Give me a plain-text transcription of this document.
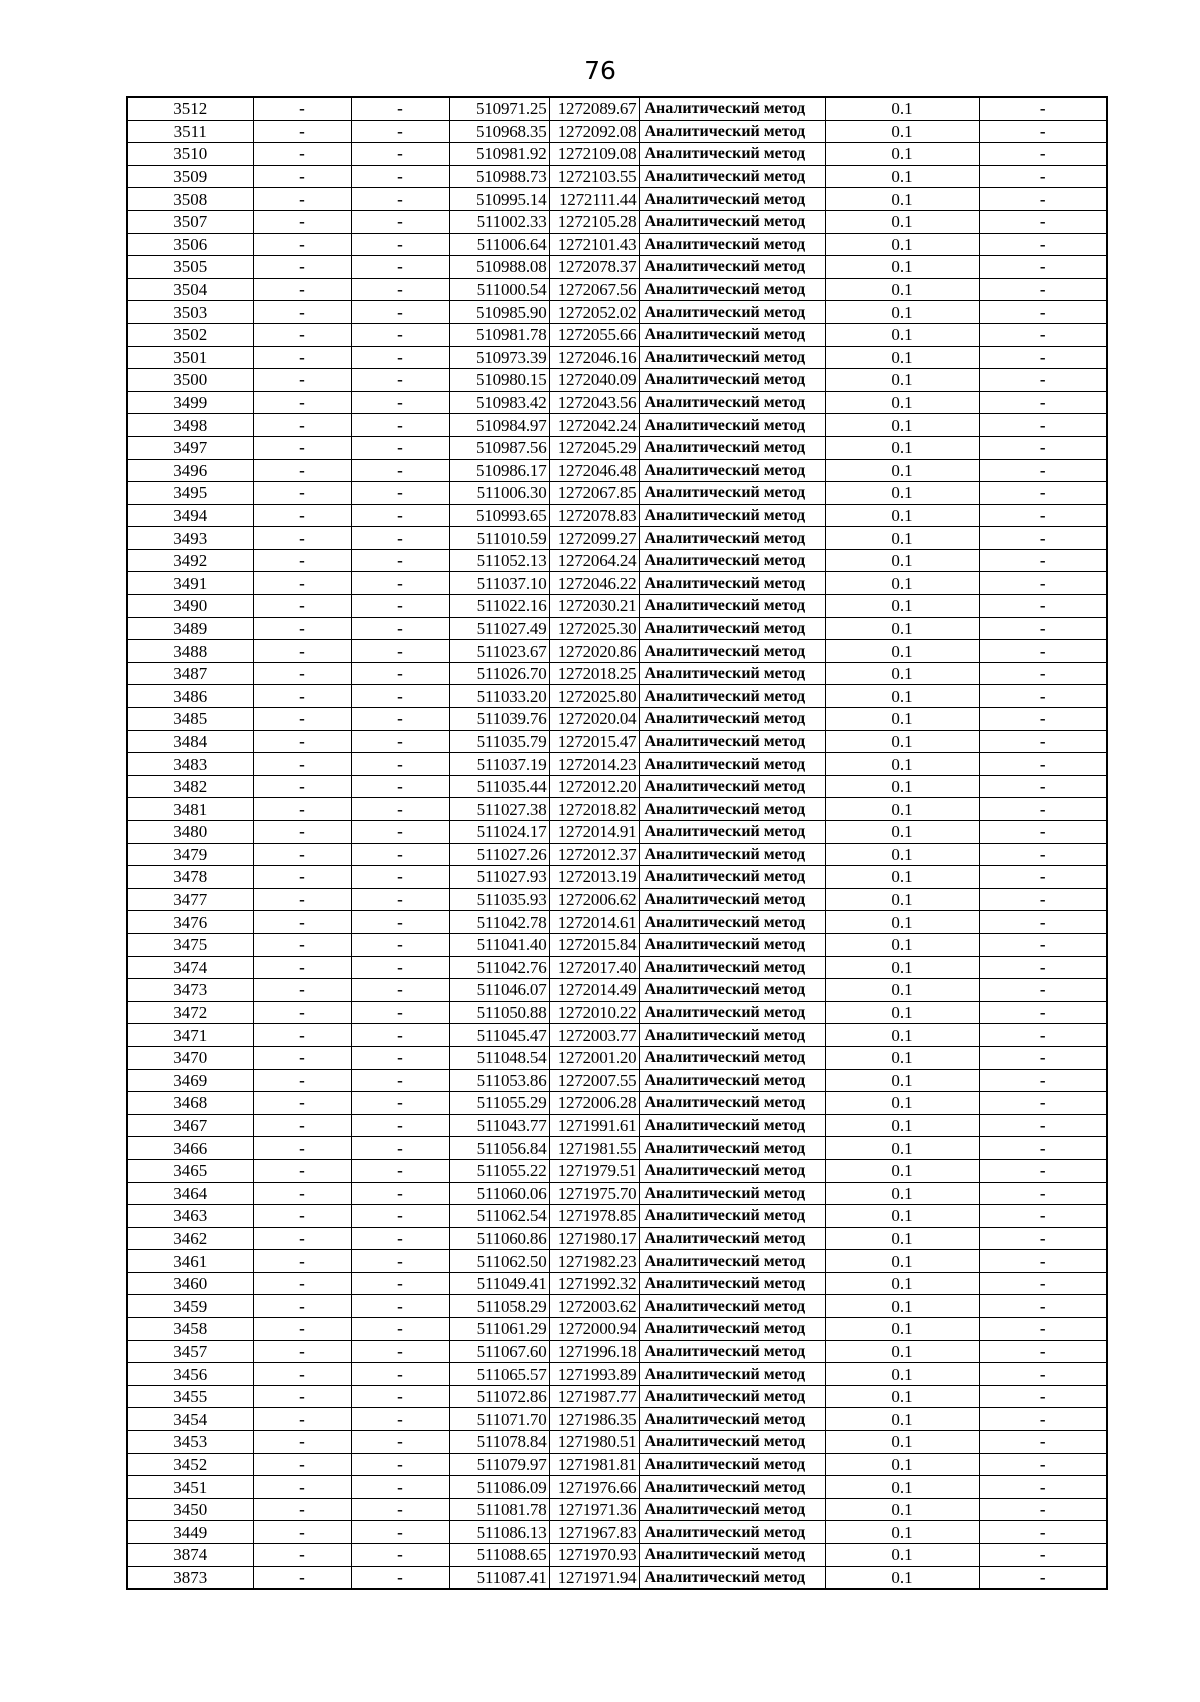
76
3512	-	-	510971.25	1272089.67	Аналитический метод	0.1	-
3511	-	-	510968.35	1272092.08	Аналитический метод	0.1	-
3510	-	-	510981.92	1272109.08	Аналитический метод	0.1	-
3509	-	-	510988.73	1272103.55	Аналитический метод	0.1	-
3508	-	-	510995.14	1272111.44	Аналитический метод	0.1	-
3507	-	-	511002.33	1272105.28	Аналитический метод	0.1	-
3506	-	-	511006.64	1272101.43	Аналитический метод	0.1	-
3505	-	-	510988.08	1272078.37	Аналитический метод	0.1	-
3504	-	-	511000.54	1272067.56	Аналитический метод	0.1	-
3503	-	-	510985.90	1272052.02	Аналитический метод	0.1	-
3502	-	-	510981.78	1272055.66	Аналитический метод	0.1	-
3501	-	-	510973.39	1272046.16	Аналитический метод	0.1	-
3500	-	-	510980.15	1272040.09	Аналитический метод	0.1	-
3499	-	-	510983.42	1272043.56	Аналитический метод	0.1	-
3498	-	-	510984.97	1272042.24	Аналитический метод	0.1	-
3497	-	-	510987.56	1272045.29	Аналитический метод	0.1	-
3496	-	-	510986.17	1272046.48	Аналитический метод	0.1	-
3495	-	-	511006.30	1272067.85	Аналитический метод	0.1	-
3494	-	-	510993.65	1272078.83	Аналитический метод	0.1	-
3493	-	-	511010.59	1272099.27	Аналитический метод	0.1	-
3492	-	-	511052.13	1272064.24	Аналитический метод	0.1	-
3491	-	-	511037.10	1272046.22	Аналитический метод	0.1	-
3490	-	-	511022.16	1272030.21	Аналитический метод	0.1	-
3489	-	-	511027.49	1272025.30	Аналитический метод	0.1	-
3488	-	-	511023.67	1272020.86	Аналитический метод	0.1	-
3487	-	-	511026.70	1272018.25	Аналитический метод	0.1	-
3486	-	-	511033.20	1272025.80	Аналитический метод	0.1	-
3485	-	-	511039.76	1272020.04	Аналитический метод	0.1	-
3484	-	-	511035.79	1272015.47	Аналитический метод	0.1	-
3483	-	-	511037.19	1272014.23	Аналитический метод	0.1	-
3482	-	-	511035.44	1272012.20	Аналитический метод	0.1	-
3481	-	-	511027.38	1272018.82	Аналитический метод	0.1	-
3480	-	-	511024.17	1272014.91	Аналитический метод	0.1	-
3479	-	-	511027.26	1272012.37	Аналитический метод	0.1	-
3478	-	-	511027.93	1272013.19	Аналитический метод	0.1	-
3477	-	-	511035.93	1272006.62	Аналитический метод	0.1	-
3476	-	-	511042.78	1272014.61	Аналитический метод	0.1	-
3475	-	-	511041.40	1272015.84	Аналитический метод	0.1	-
3474	-	-	511042.76	1272017.40	Аналитический метод	0.1	-
3473	-	-	511046.07	1272014.49	Аналитический метод	0.1	-
3472	-	-	511050.88	1272010.22	Аналитический метод	0.1	-
3471	-	-	511045.47	1272003.77	Аналитический метод	0.1	-
3470	-	-	511048.54	1272001.20	Аналитический метод	0.1	-
3469	-	-	511053.86	1272007.55	Аналитический метод	0.1	-
3468	-	-	511055.29	1272006.28	Аналитический метод	0.1	-
3467	-	-	511043.77	1271991.61	Аналитический метод	0.1	-
3466	-	-	511056.84	1271981.55	Аналитический метод	0.1	-
3465	-	-	511055.22	1271979.51	Аналитический метод	0.1	-
3464	-	-	511060.06	1271975.70	Аналитический метод	0.1	-
3463	-	-	511062.54	1271978.85	Аналитический метод	0.1	-
3462	-	-	511060.86	1271980.17	Аналитический метод	0.1	-
3461	-	-	511062.50	1271982.23	Аналитический метод	0.1	-
3460	-	-	511049.41	1271992.32	Аналитический метод	0.1	-
3459	-	-	511058.29	1272003.62	Аналитический метод	0.1	-
3458	-	-	511061.29	1272000.94	Аналитический метод	0.1	-
3457	-	-	511067.60	1271996.18	Аналитический метод	0.1	-
3456	-	-	511065.57	1271993.89	Аналитический метод	0.1	-
3455	-	-	511072.86	1271987.77	Аналитический метод	0.1	-
3454	-	-	511071.70	1271986.35	Аналитический метод	0.1	-
3453	-	-	511078.84	1271980.51	Аналитический метод	0.1	-
3452	-	-	511079.97	1271981.81	Аналитический метод	0.1	-
3451	-	-	511086.09	1271976.66	Аналитический метод	0.1	-
3450	-	-	511081.78	1271971.36	Аналитический метод	0.1	-
3449	-	-	511086.13	1271967.83	Аналитический метод	0.1	-
3874	-	-	511088.65	1271970.93	Аналитический метод	0.1	-
3873	-	-	511087.41	1271971.94	Аналитический метод	0.1	-
